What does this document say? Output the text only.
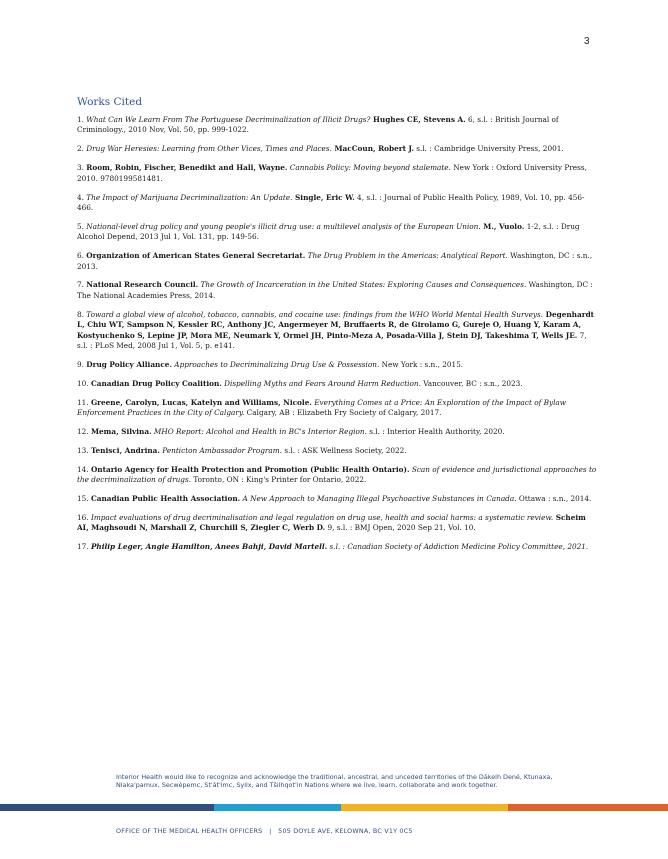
3
Works Cited
1. What Can We Learn From The Portuguese Decriminalization of Illicit Drugs? Hughes CE, Stevens A. 6, s.l. : British Journal of Criminology., 2010 Nov, Vol. 50, pp. 999-1022.
2. Drug War Heresies: Learning from Other Vices, Times and Places. MacCoun, Robert J. s.l. : Cambridge University Press, 2001.
3. Room, Robin, Fischer, Benedikt and Hall, Wayne. Cannabis Policy: Moving beyond stalemate. New York : Oxford University Press, 2010. 9780199581481.
4. The Impact of Marijuana Decriminalization: An Update. Single, Eric W. 4, s.l. : Journal of Public Health Policy, 1989, Vol. 10, pp. 456-466.
5. National-level drug policy and young people's illicit drug use: a multilevel analysis of the European Union. M., Vuolo. 1-2, s.l. : Drug Alcohol Depend, 2013 Jul 1, Vol. 131, pp. 149-56.
6. Organization of American States General Secretariat. The Drug Problem in the Americas: Analytical Report. Washington, DC : s.n., 2013.
7. National Research Council. The Growth of Incarceration in the United States: Exploring Causes and Consequences. Washington, DC : The National Academies Press, 2014.
8. Toward a global view of alcohol, tobacco, cannabis, and cocaine use: findings from the WHO World Mental Health Surveys. Degenhardt L, Chiu WT, Sampson N, Kessler RC, Anthony JC, Angermeyer M, Bruffaerts R, de Girolamo G, Gureje O, Huang Y, Karam A, Kostyuchenko S, Lepine JP, Mora ME, Neumark Y, Ormel JH, Pinto-Meza A, Posada-Villa J, Stein DJ, Takeshima T, Wells JE. 7, s.l. : PLoS Med, 2008 Jul 1, Vol. 5, p. e141.
9. Drug Policy Alliance. Approaches to Decriminalizing Drug Use & Possession. New York : s.n., 2015.
10. Canadian Drug Policy Coalition. Dispelling Myths and Fears Around Harm Reduction. Vancouver, BC : s.n., 2023.
11. Greene, Carolyn, Lucas, Katelyn and Williams, Nicole. Everything Comes at a Price: An Exploration of the Impact of Bylaw Enforcement Practices in the City of Calgary. Calgary, AB : Elizabeth Fry Society of Calgary, 2017.
12. Mema, Silvina. MHO Report: Alcohol and Health in BC's Interior Region. s.l. : Interior Health Authority, 2020.
13. Tenisci, Andrina. Penticton Ambassador Program. s.l. : ASK Wellness Society, 2022.
14. Ontario Agency for Health Protection and Promotion (Public Health Ontario). Scan of evidence and jurisdictional approaches to the decriminalization of drugs. Toronto, ON : King's Printer for Ontario, 2022.
15. Canadian Public Health Association. A New Approach to Managing Illegal Psychoactive Substances in Canada. Ottawa : s.n., 2014.
16. Impact evaluations of drug decriminalisation and legal regulation on drug use, health and social harms: a systematic review. Scheim AI, Maghsoudi N, Marshall Z, Churchill S, Ziegler C, Werb D. 9, s.l. : BMJ Open, 2020 Sep 21, Vol. 10.
17. Philip Leger, Angie Hamilton, Anees Bahji, David Martell. s.l. : Canadian Society of Addiction Medicine Policy Committee, 2021.
Interior Health would like to recognize and acknowledge the traditional, ancestral, and unceded territories of the Dãkelh Dené, Ktunaxa, Nlaka'pamux, Secwépemc, St'át'imc, Syilx, and Tŝilhqot'in Nations where we live, learn, collaborate and work together.
OFFICE OF THE MEDICAL HEALTH OFFICERS | 505 DOYLE AVE, KELOWNA, BC V1Y 0C5
